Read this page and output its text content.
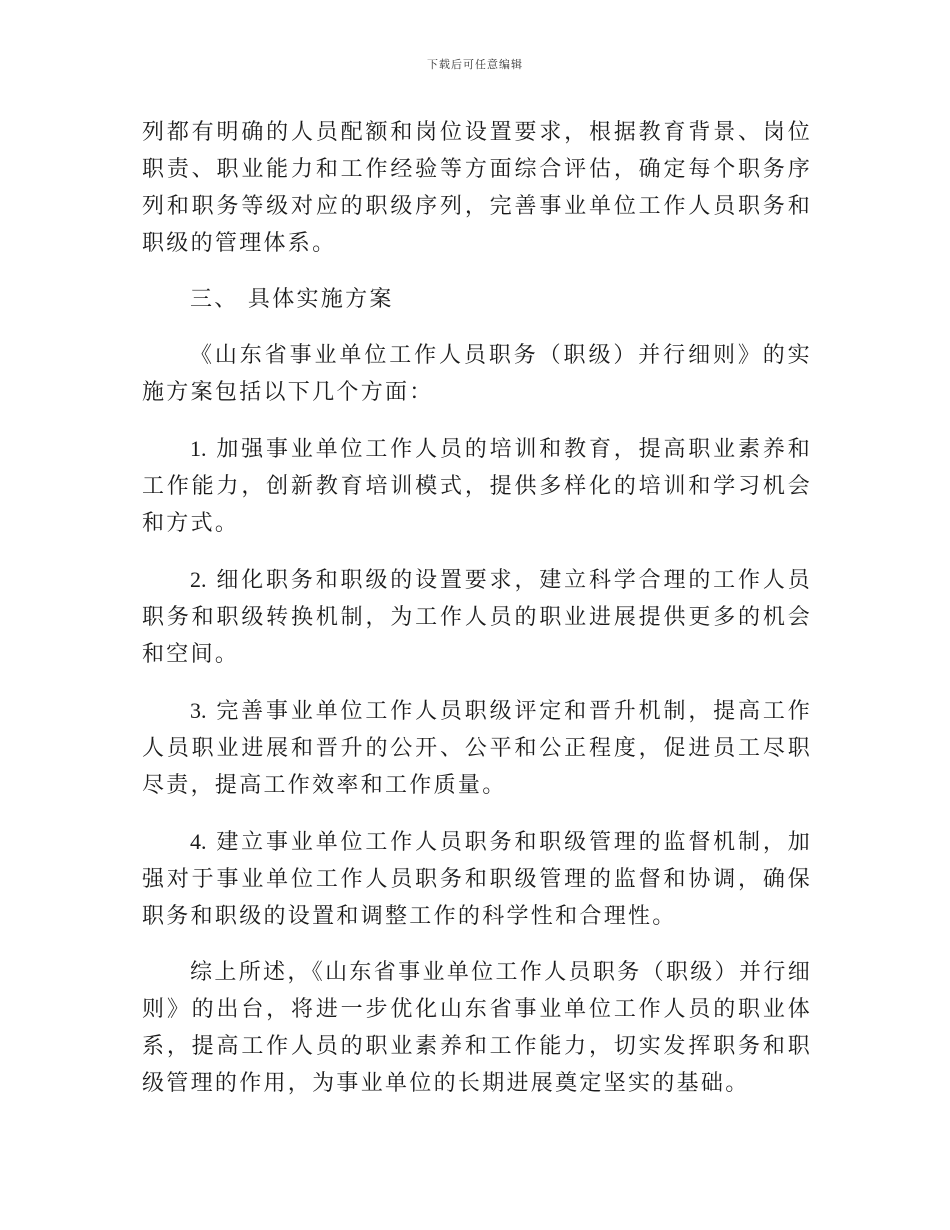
下载后可任意编辑

列都有明确的人员配额和岗位设置要求，根据教育背景、岗位职责、职业能力和工作经验等方面综合评估，确定每个职务序列和职务等级对应的职级序列，完善事业单位工作人员职务和职级的管理体系。

三、 具体实施方案

《山东省事业单位工作人员职务（职级）并行细则》的实施方案包括以下几个方面：

1. 加强事业单位工作人员的培训和教育，提高职业素养和工作能力，创新教育培训模式，提供多样化的培训和学习机会和方式。

2. 细化职务和职级的设置要求，建立科学合理的工作人员职务和职级转换机制，为工作人员的职业进展提供更多的机会和空间。

3. 完善事业单位工作人员职级评定和晋升机制，提高工作人员职业进展和晋升的公开、公平和公正程度，促进员工尽职尽责，提高工作效率和工作质量。

4. 建立事业单位工作人员职务和职级管理的监督机制，加强对于事业单位工作人员职务和职级管理的监督和协调，确保职务和职级的设置和调整工作的科学性和合理性。

综上所述，《山东省事业单位工作人员职务（职级）并行细则》的出台，将进一步优化山东省事业单位工作人员的职业体系，提高工作人员的职业素养和工作能力，切实发挥职务和职级管理的作用，为事业单位的长期进展奠定坚实的基础。
